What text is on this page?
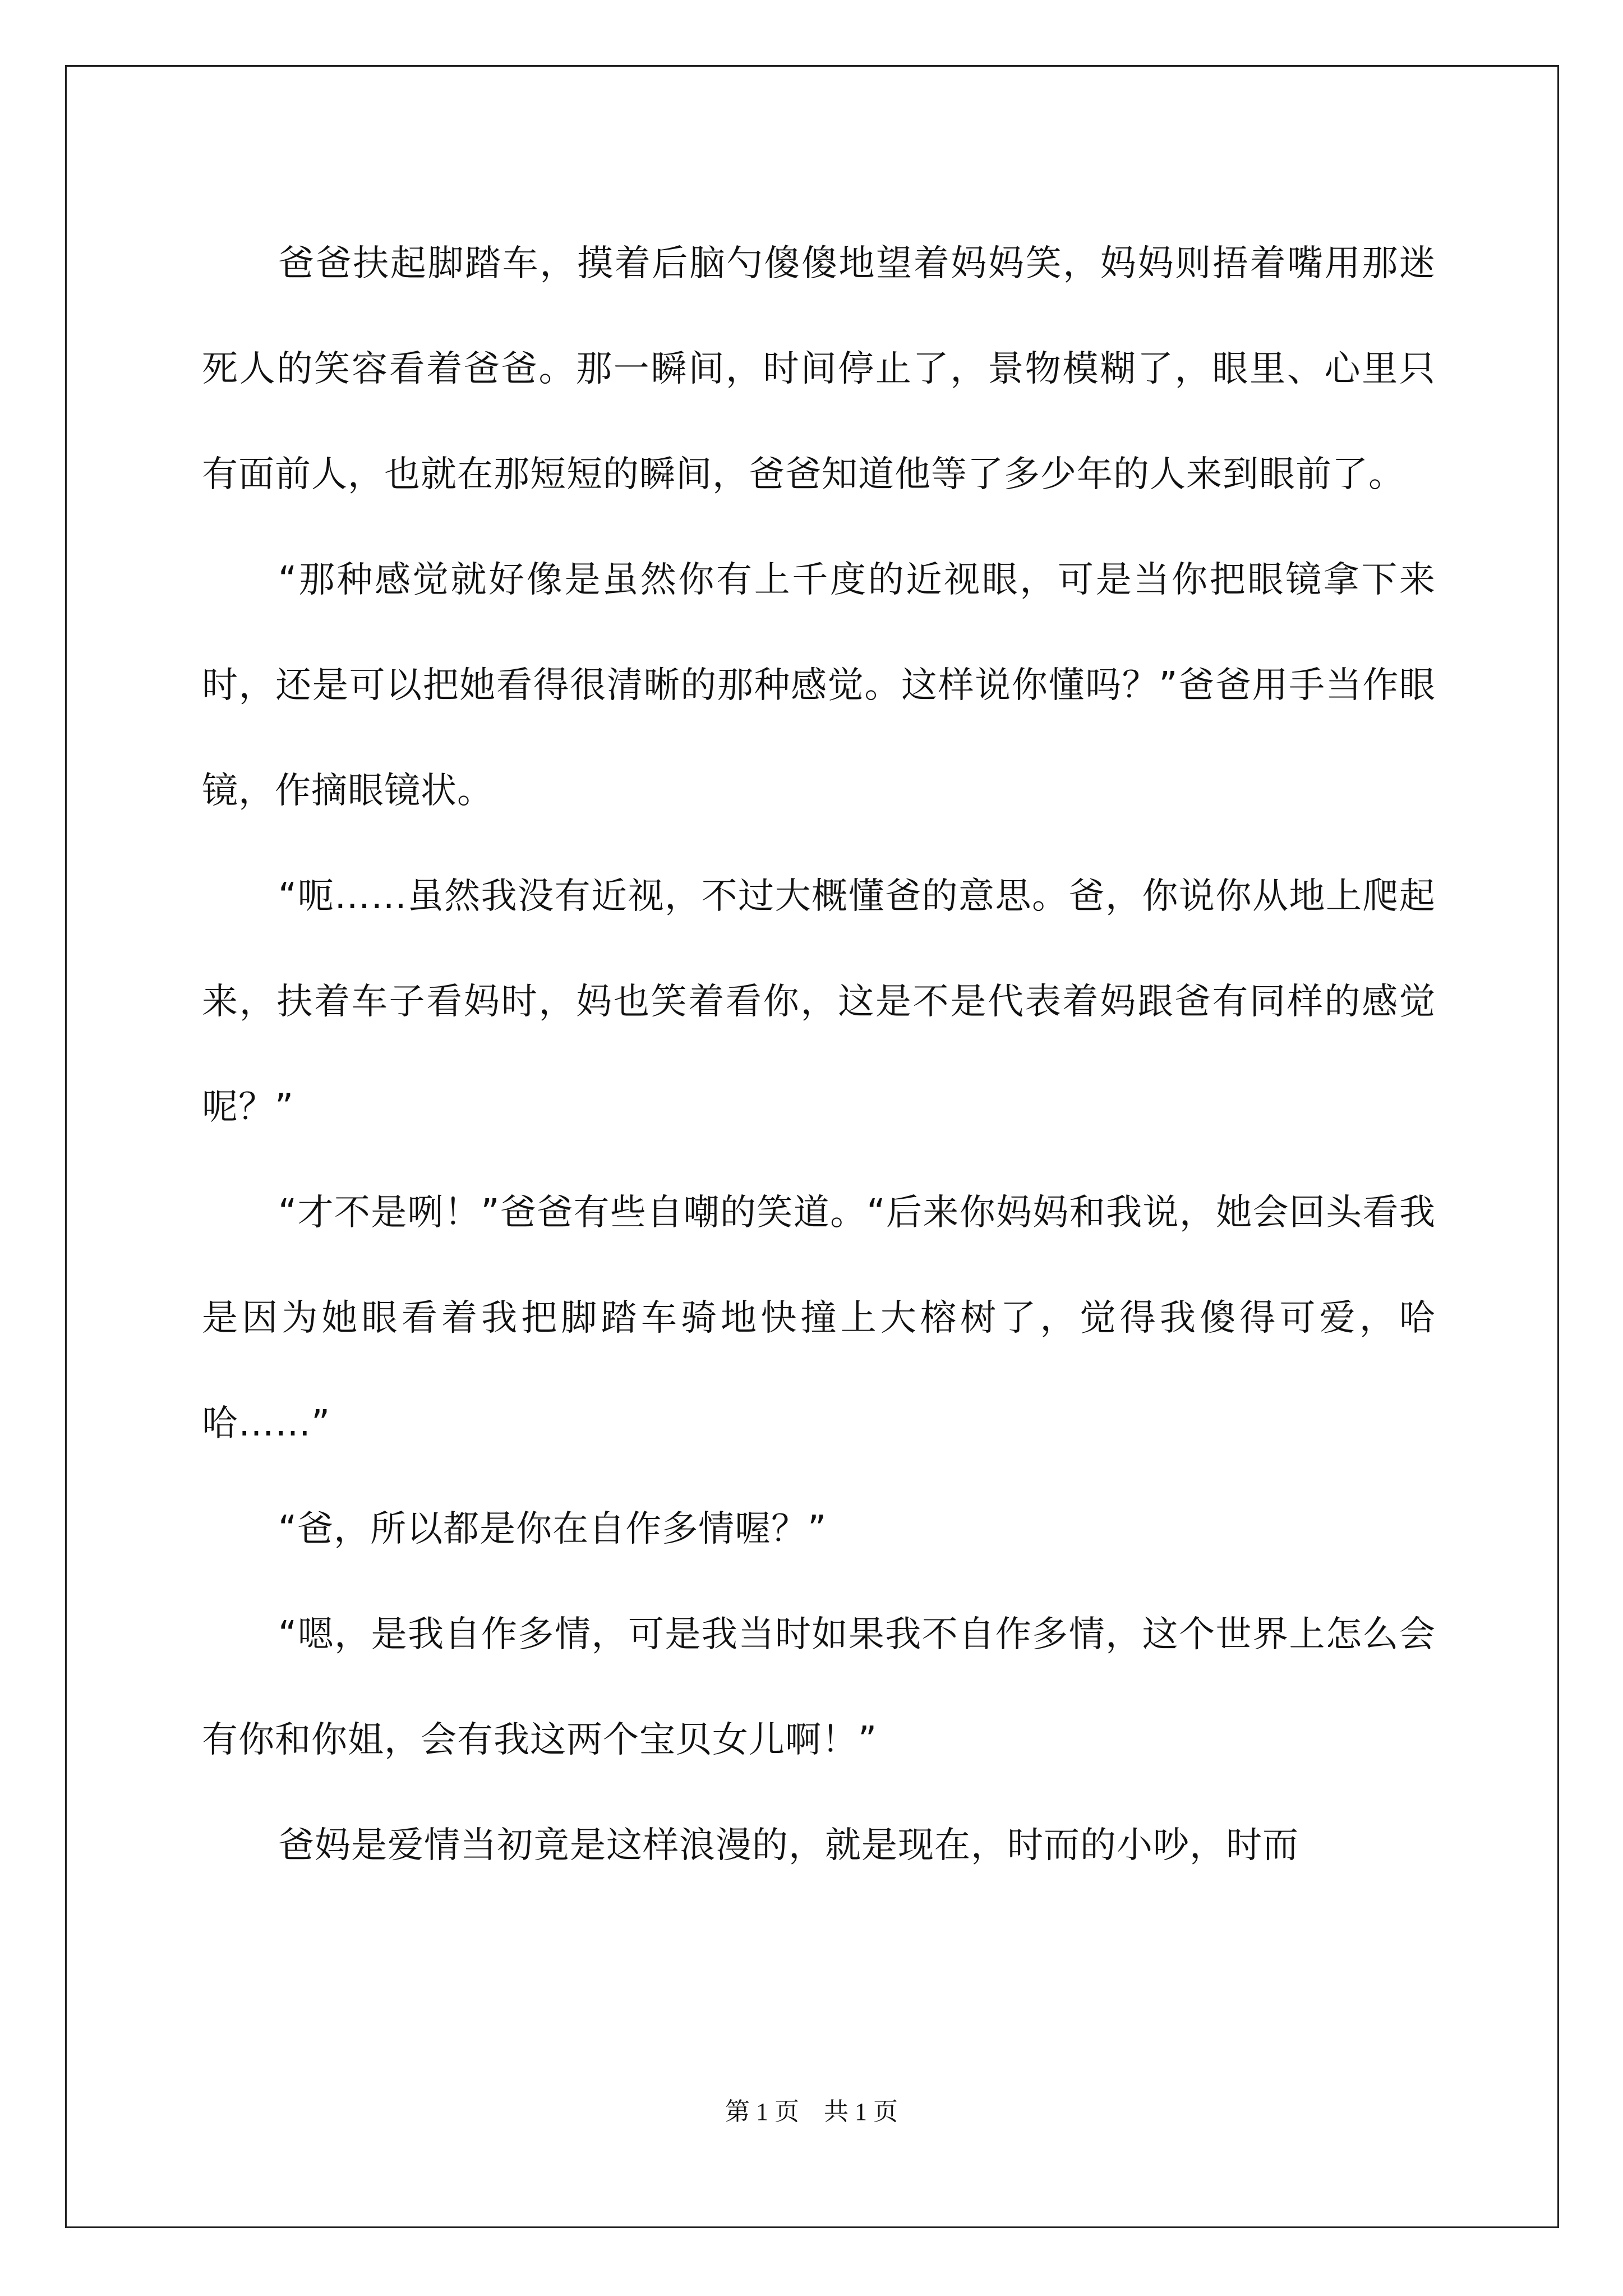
爸爸扶起脚踏车，摸着后脑勺傻傻地望着妈妈笑，妈妈则捂着嘴用那迷死人的笑容看着爸爸。那一瞬间，时间停止了，景物模糊了，眼里、心里只有面前人，也就在那短短的瞬间，爸爸知道他等了多少年的人来到眼前了。

“那种感觉就好像是虽然你有上千度的近视眼，可是当你把眼镜拿下来时，还是可以把她看得很清晰的那种感觉。这样说你懂吗？”爸爸用手当作眼镜，作摘眼镜状。

“呃……虽然我没有近视，不过大概懂爸的意思。爸，你说你从地上爬起来，扶着车子看妈时，妈也笑着看你，这是不是代表着妈跟爸有同样的感觉呢？”

“才不是咧！”爸爸有些自嘲的笑道。“后来你妈妈和我说，她会回头看我是因为她眼看着我把脚踏车骑地快撞上大榕树了，觉得我傻得可爱，哈哈……”

“爸，所以都是你在自作多情喔？”

“嗯，是我自作多情，可是我当时如果我不自作多情，这个世界上怎么会有你和你姐，会有我这两个宝贝女儿啊！”

爸妈是爱情当初竟是这样浪漫的，就是现在，时而的小吵，时而

第 1 页    共 1 页
